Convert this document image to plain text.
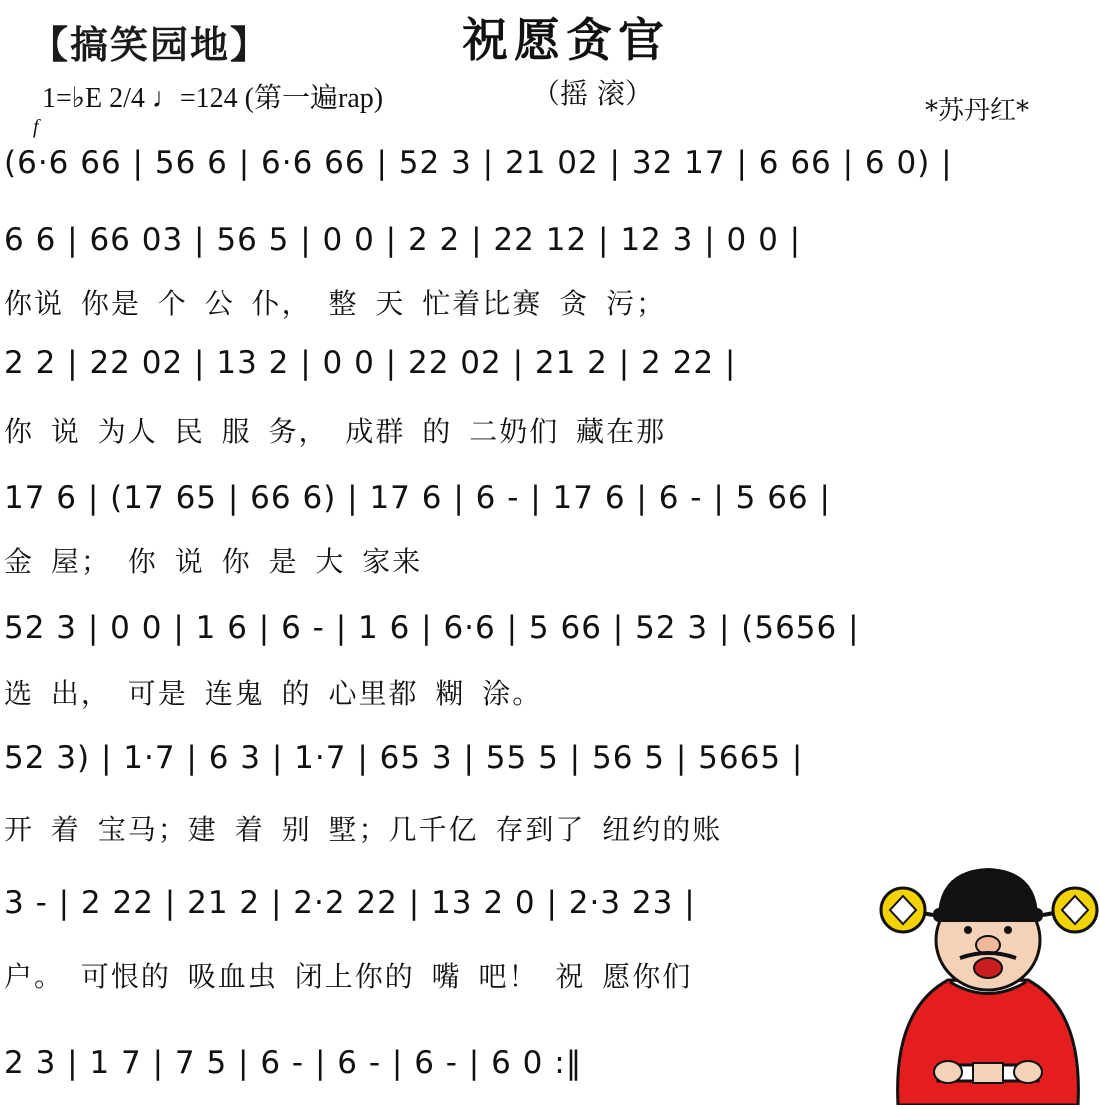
【搞笑园地】	祝愿贪官
（摇 滚）
*苏丹红*
1=♭E 2/4 ♩=124 (第一遍rap)
f
(6·6 66 | 56 6 | 6·6 66 | 52 3 | 21 02 | 32 17 | 6 66 | 6 0) |
6 6 | 66 03 | 56 5 | 0 0 | 2 2 | 22 12 | 12 3 | 0 0 |
你说 你是 个 公 仆， 整 天 忙着比赛 贪 污；
2 2 | 22 02 | 13 2 | 0 0 | 22 02 | 21 2 | 2 22 |
你 说 为人 民 服 务， 成群 的 二奶们 藏在那
17 6 | (17 65 | 66 6) | 17 6 | 6 - | 17 6 | 6 - | 5 66 |
金 屋； 你 说 你 是 大 家来
52 3 | 0 0 | 1 6 | 6 - | 1 6 | 6·6 | 5 66 | 52 3 | (5656 |
选 出， 可是 连鬼 的 心里都 糊 涂。
52 3) | 1·7 | 6 3 | 1·7 | 65 3 | 55 5 | 56 5 | 5665 |
开 着 宝马；建 着 别 墅；几千亿 存到了 纽约的账
3 - | 2 22 | 21 2 | 2·2 22 | 13 2 0 | 2·3 23 |
户。 可恨的 吸血虫 闭上你的 嘴 吧！ 祝 愿你们
2 3 | 1 7 | 7 5 | 6 - | 6 - | 6 - | 6 0 :‖
